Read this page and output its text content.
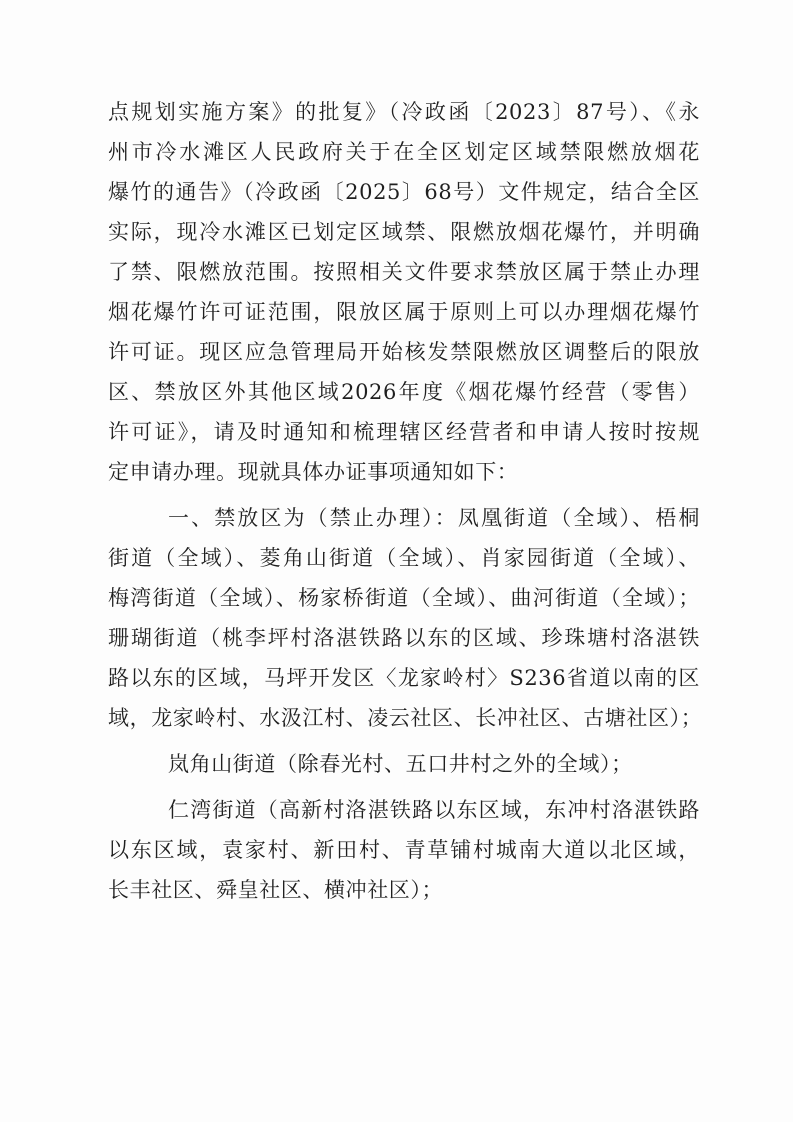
点规划实施方案》的批复》（冷政函〔2023〕87号）、《永
州市冷水滩区人民政府关于在全区划定区域禁限燃放烟花
爆竹的通告》（冷政函〔2025〕68号）文件规定，结合全区
实际，现冷水滩区已划定区域禁、限燃放烟花爆竹，并明确
了禁、限燃放范围。按照相关文件要求禁放区属于禁止办理
烟花爆竹许可证范围，限放区属于原则上可以办理烟花爆竹
许可证。现区应急管理局开始核发禁限燃放区调整后的限放
区、禁放区外其他区域2026年度《烟花爆竹经营（零售）
许可证》，请及时通知和梳理辖区经营者和申请人按时按规
定申请办理。现就具体办证事项通知如下：
一、禁放区为（禁止办理）：凤凰街道（全域）、梧桐
街道（全域）、菱角山街道（全域）、肖家园街道（全域）、
梅湾街道（全域）、杨家桥街道（全域）、曲河街道（全域）；
珊瑚街道（桃李坪村洛湛铁路以东的区域、珍珠塘村洛湛铁
路以东的区域，马坪开发区〈龙家岭村〉S236省道以南的区
域，龙家岭村、水汲江村、凌云社区、长冲社区、古塘社区）；
岚角山街道（除春光村、五口井村之外的全域）；
仁湾街道（高新村洛湛铁路以东区域，东冲村洛湛铁路
以东区域，袁家村、新田村、青草铺村城南大道以北区域，
长丰社区、舜皇社区、横冲社区）；
